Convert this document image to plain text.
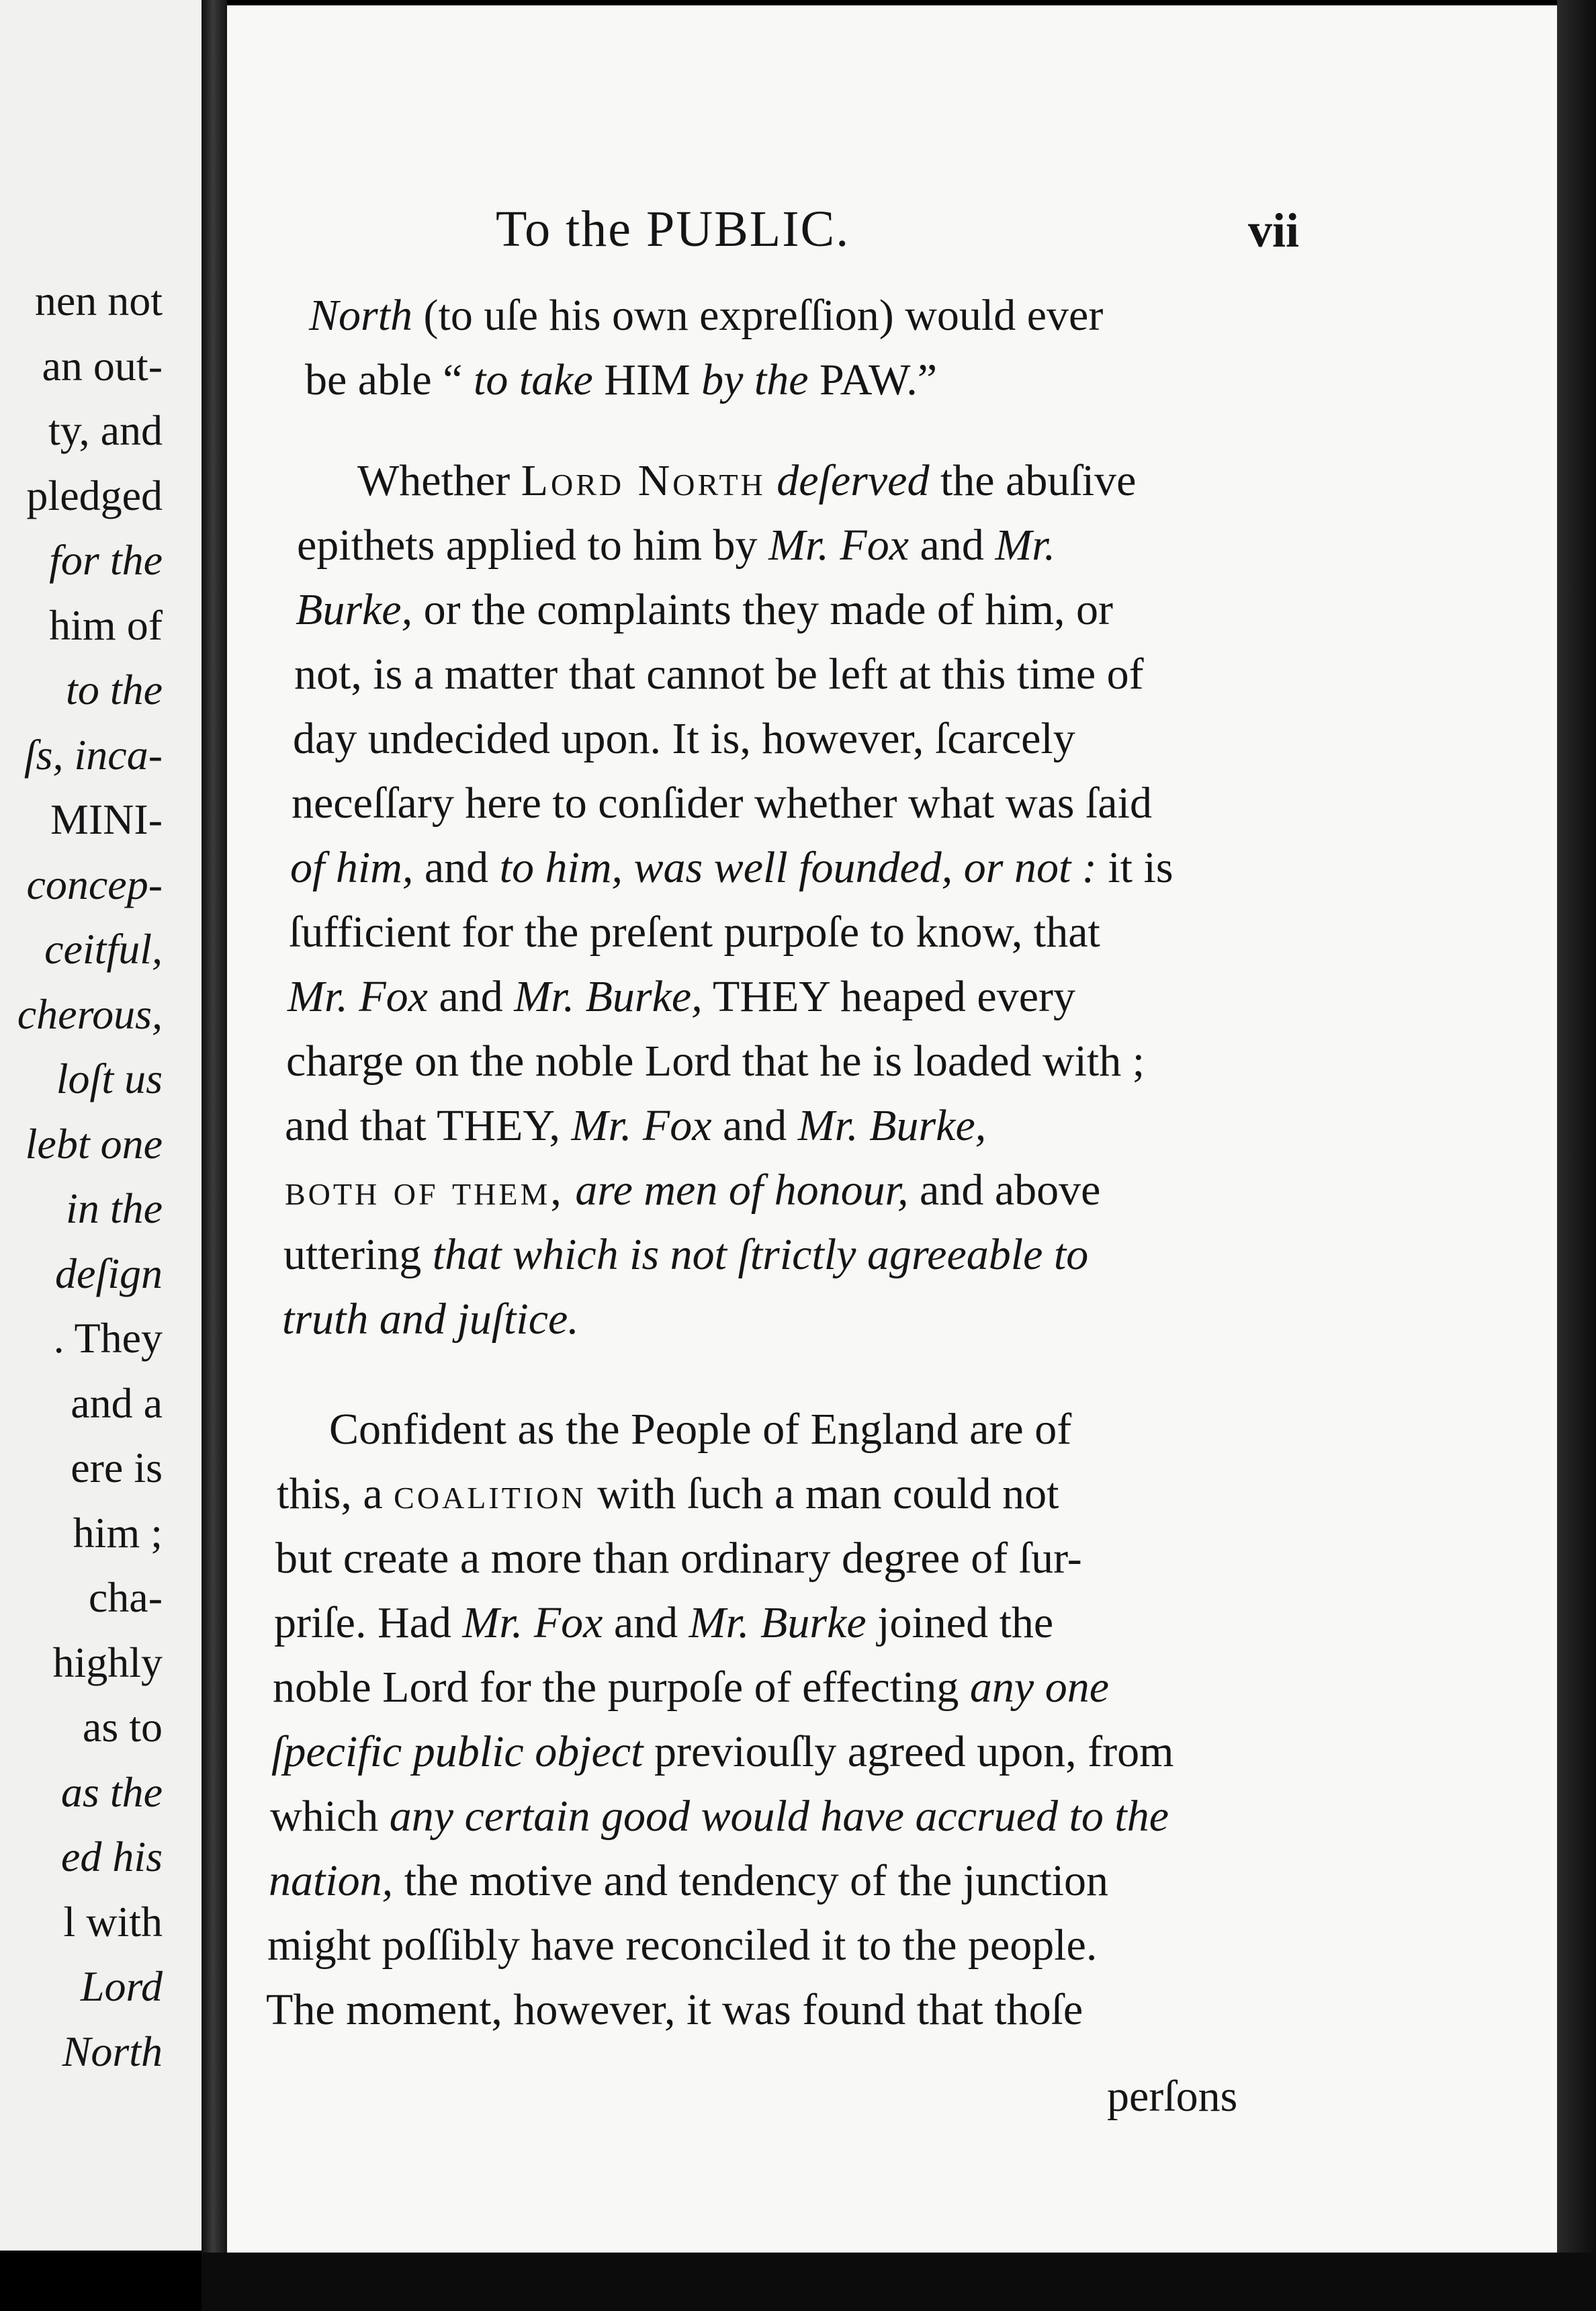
nen not
an out-
ty, and
pledged
for the
him of
to the
ſs, inca-
MINI-
concep-
ceitful,
cherous,
loſt us
lebt one
in the
deſign
. They
and a
ere is
him ;
cha-
highly
as to
as the
ed his
l with
Lord
North
To the PUBLIC.	vii
North (to uſe his own expreſſion) would ever
be able “ to take HIM by the PAW.”
Whether Lord North deſerved the abuſive
epithets applied to him by Mr. Fox and Mr.
Burke, or the complaints they made of him, or
not, is a matter that cannot be left at this time of
day undecided upon. It is, however, ſcarcely
neceſſary here to conſider whether what was ſaid
of him, and to him, was well founded, or not : it is
ſufficient for the preſent purpoſe to know, that
Mr. Fox and Mr. Burke, THEY heaped every
charge on the noble Lord that he is loaded with ;
and that THEY, Mr. Fox and Mr. Burke,
both of them, are men of honour, and above
uttering that which is not ſtrictly agreeable to
truth and juſtice.
Confident as the People of England are of
this, a coalition with ſuch a man could not
but create a more than ordinary degree of ſur-
priſe. Had Mr. Fox and Mr. Burke joined the
noble Lord for the purpoſe of effecting any one
ſpecific public object previouſly agreed upon, from
which any certain good would have accrued to the
nation, the motive and tendency of the junction
might poſſibly have reconciled it to the people.
The moment, however, it was found that thoſe
perſons
